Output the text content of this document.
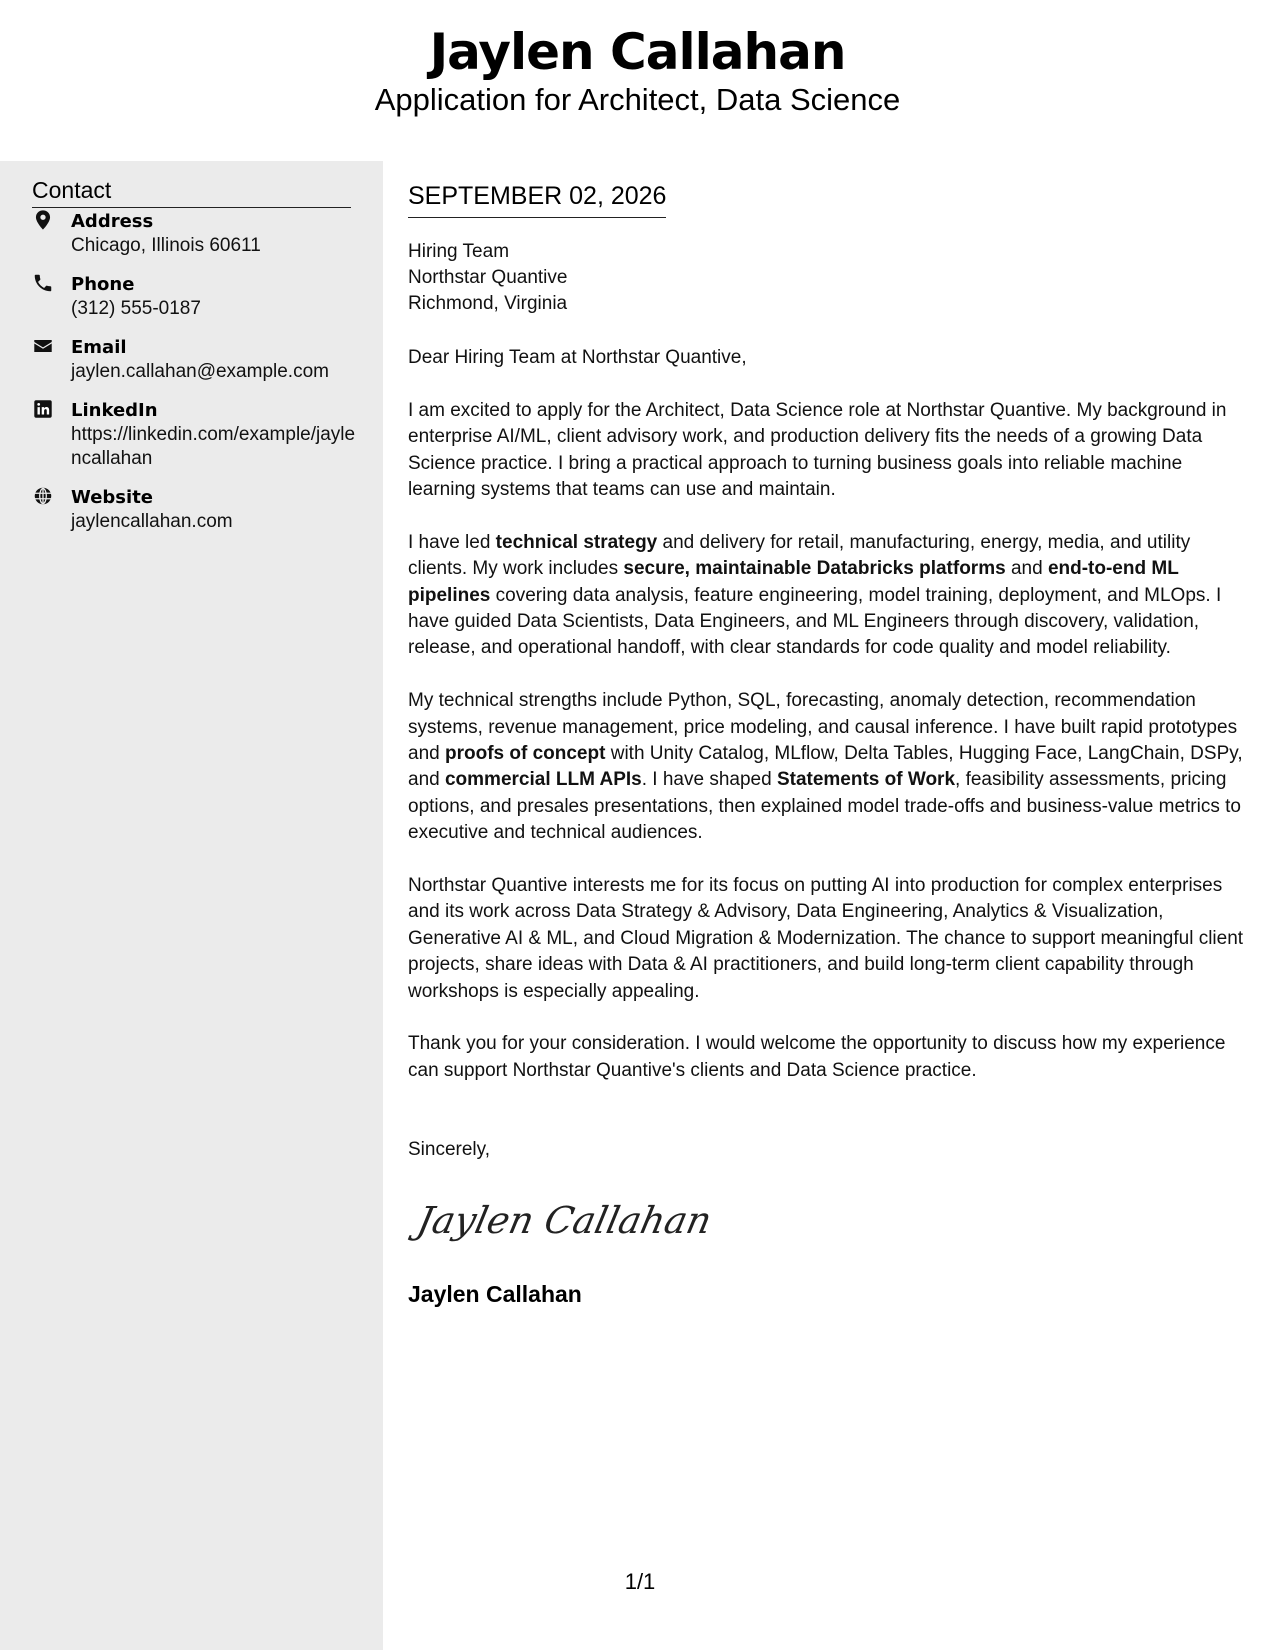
Jaylen Callahan
Application for Architect, Data Science
Contact
Address
Chicago, Illinois 60611
Phone
(312) 555-0187
Email
jaylen.callahan@example.com
LinkedIn
https://linkedin.com/example/jaylencallahan
Website
jaylencallahan.com
SEPTEMBER 02, 2026
Hiring Team
Northstar Quantive
Richmond, Virginia

Dear Hiring Team at Northstar Quantive,

I am excited to apply for the Architect, Data Science role at Northstar Quantive. My background in enterprise AI/ML, client advisory work, and production delivery fits the needs of a growing Data Science practice. I bring a practical approach to turning business goals into reliable machine learning systems that teams can use and maintain.

I have led technical strategy and delivery for retail, manufacturing, energy, media, and utility clients. My work includes secure, maintainable Databricks platforms and end-to-end ML pipelines covering data analysis, feature engineering, model training, deployment, and MLOps. I have guided Data Scientists, Data Engineers, and ML Engineers through discovery, validation, release, and operational handoff, with clear standards for code quality and model reliability.

My technical strengths include Python, SQL, forecasting, anomaly detection, recommendation systems, revenue management, price modeling, and causal inference. I have built rapid prototypes and proofs of concept with Unity Catalog, MLflow, Delta Tables, Hugging Face, LangChain, DSPy, and commercial LLM APIs. I have shaped Statements of Work, feasibility assessments, pricing options, and presales presentations, then explained model trade-offs and business-value metrics to executive and technical audiences.

Northstar Quantive interests me for its focus on putting AI into production for complex enterprises and its work across Data Strategy & Advisory, Data Engineering, Analytics & Visualization, Generative AI & ML, and Cloud Migration & Modernization. The chance to support meaningful client projects, share ideas with Data & AI practitioners, and build long-term client capability through workshops is especially appealing.

Thank you for your consideration. I would welcome the opportunity to discuss how my experience can support Northstar Quantive's clients and Data Science practice.

Sincerely,
Jaylen Callahan
Jaylen Callahan
1/1
